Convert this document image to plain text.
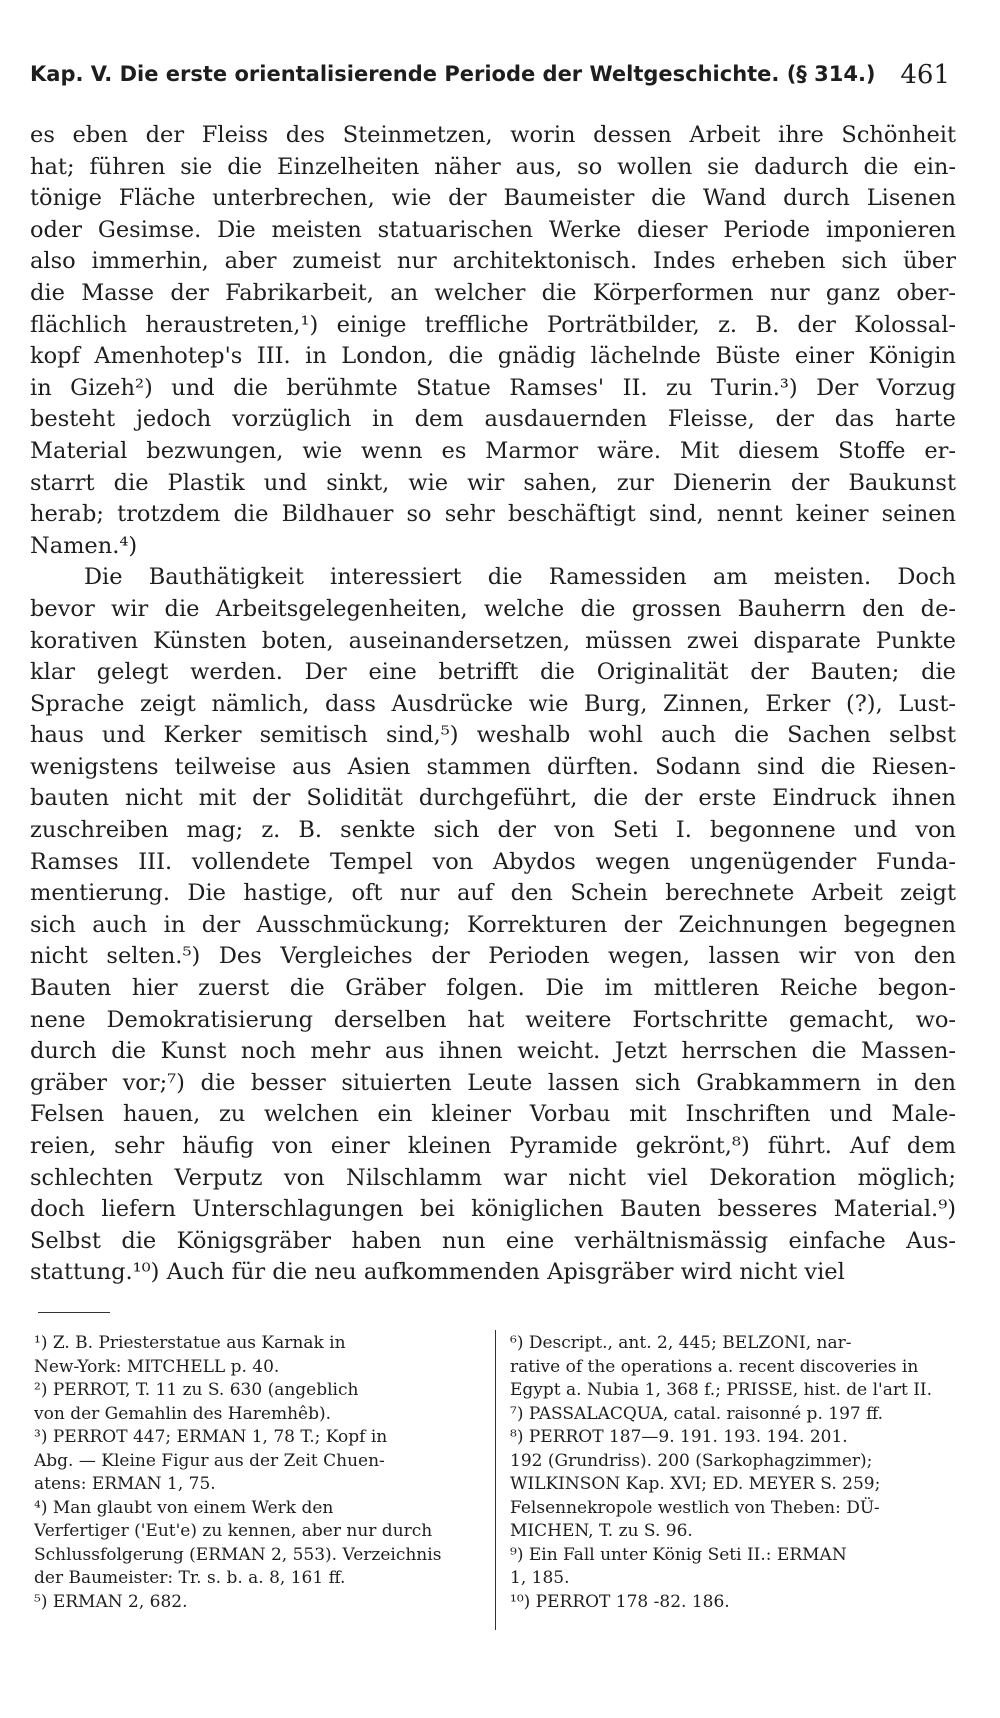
Kap. V. Die erste orientalisierende Periode der Weltgeschichte. (§ 314.) 461
es eben der Fleiss des Steinmetzen, worin dessen Arbeit ihre Schönheit
hat; führen sie die Einzelheiten näher aus, so wollen sie dadurch die ein-
tönige Fläche unterbrechen, wie der Baumeister die Wand durch Lisenen
oder Gesimse. Die meisten statuarischen Werke dieser Periode imponieren
also immerhin, aber zumeist nur architektonisch. Indes erheben sich über
die Masse der Fabrikarbeit, an welcher die Körperformen nur ganz ober-
flächlich heraustreten,¹) einige treffliche Porträtbilder, z. B. der Kolossal-
kopf Amenhotep's III. in London, die gnädig lächelnde Büste einer Königin
in Gizeh²) und die berühmte Statue Ramses' II. zu Turin.³) Der Vorzug
besteht jedoch vorzüglich in dem ausdauernden Fleisse, der das harte
Material bezwungen, wie wenn es Marmor wäre. Mit diesem Stoffe er-
starrt die Plastik und sinkt, wie wir sahen, zur Dienerin der Baukunst
herab; trotzdem die Bildhauer so sehr beschäftigt sind, nennt keiner seinen
Namen.⁴)
Die Bauthätigkeit interessiert die Ramessiden am meisten. Doch
bevor wir die Arbeitsgelegenheiten, welche die grossen Bauherrn den de-
korativen Künsten boten, auseinandersetzen, müssen zwei disparate Punkte
klar gelegt werden. Der eine betrifft die Originalität der Bauten; die
Sprache zeigt nämlich, dass Ausdrücke wie Burg, Zinnen, Erker (?), Lust-
haus und Kerker semitisch sind,⁵) weshalb wohl auch die Sachen selbst
wenigstens teilweise aus Asien stammen dürften. Sodann sind die Riesen-
bauten nicht mit der Solidität durchgeführt, die der erste Eindruck ihnen
zuschreiben mag; z. B. senkte sich der von Seti I. begonnene und von
Ramses III. vollendete Tempel von Abydos wegen ungenügender Funda-
mentierung. Die hastige, oft nur auf den Schein berechnete Arbeit zeigt
sich auch in der Ausschmückung; Korrekturen der Zeichnungen begegnen
nicht selten.⁵) Des Vergleiches der Perioden wegen, lassen wir von den
Bauten hier zuerst die Gräber folgen. Die im mittleren Reiche begon-
nene Demokratisierung derselben hat weitere Fortschritte gemacht, wo-
durch die Kunst noch mehr aus ihnen weicht. Jetzt herrschen die Massen-
gräber vor;⁷) die besser situierten Leute lassen sich Grabkammern in den
Felsen hauen, zu welchen ein kleiner Vorbau mit Inschriften und Male-
reien, sehr häufig von einer kleinen Pyramide gekrönt,⁸) führt. Auf dem
schlechten Verputz von Nilschlamm war nicht viel Dekoration möglich;
doch liefern Unterschlagungen bei königlichen Bauten besseres Material.⁹)
Selbst die Königsgräber haben nun eine verhältnismässig einfache Aus-
stattung.¹⁰) Auch für die neu aufkommenden Apisgräber wird nicht viel
¹) Z. B. Priesterstatue aus Karnak in
New-York: MITCHELL p. 40.
²) PERROT, T. 11 zu S. 630 (angeblich
von der Gemahlin des Haremhêb).
³) PERROT 447; ERMAN 1, 78 T.; Kopf in
Abg. — Kleine Figur aus der Zeit Chuen-
atens: ERMAN 1, 75.
⁴) Man glaubt von einem Werk den
Verfertiger ('Eut'e) zu kennen, aber nur durch
Schlussfolgerung (ERMAN 2, 553). Verzeichnis
der Baumeister: Tr. s. b. a. 8, 161 ff.
⁵) ERMAN 2, 682.
⁶) Descript., ant. 2, 445; BELZONI, nar-
rative of the operations a. recent discoveries in
Egypt a. Nubia 1, 368 f.; PRISSE, hist. de l'art II.
⁷) PASSALACQUA, catal. raisonné p. 197 ff.
⁸) PERROT 187—9. 191. 193. 194. 201.
192 (Grundriss). 200 (Sarkophagzimmer);
WILKINSON Kap. XVI; ED. MEYER S. 259;
Felsennekropole westlich von Theben: DÜ-
MICHEN, T. zu S. 96.
⁹) Ein Fall unter König Seti II.: ERMAN
1, 185.
¹⁰) PERROT 178 -82. 186.
